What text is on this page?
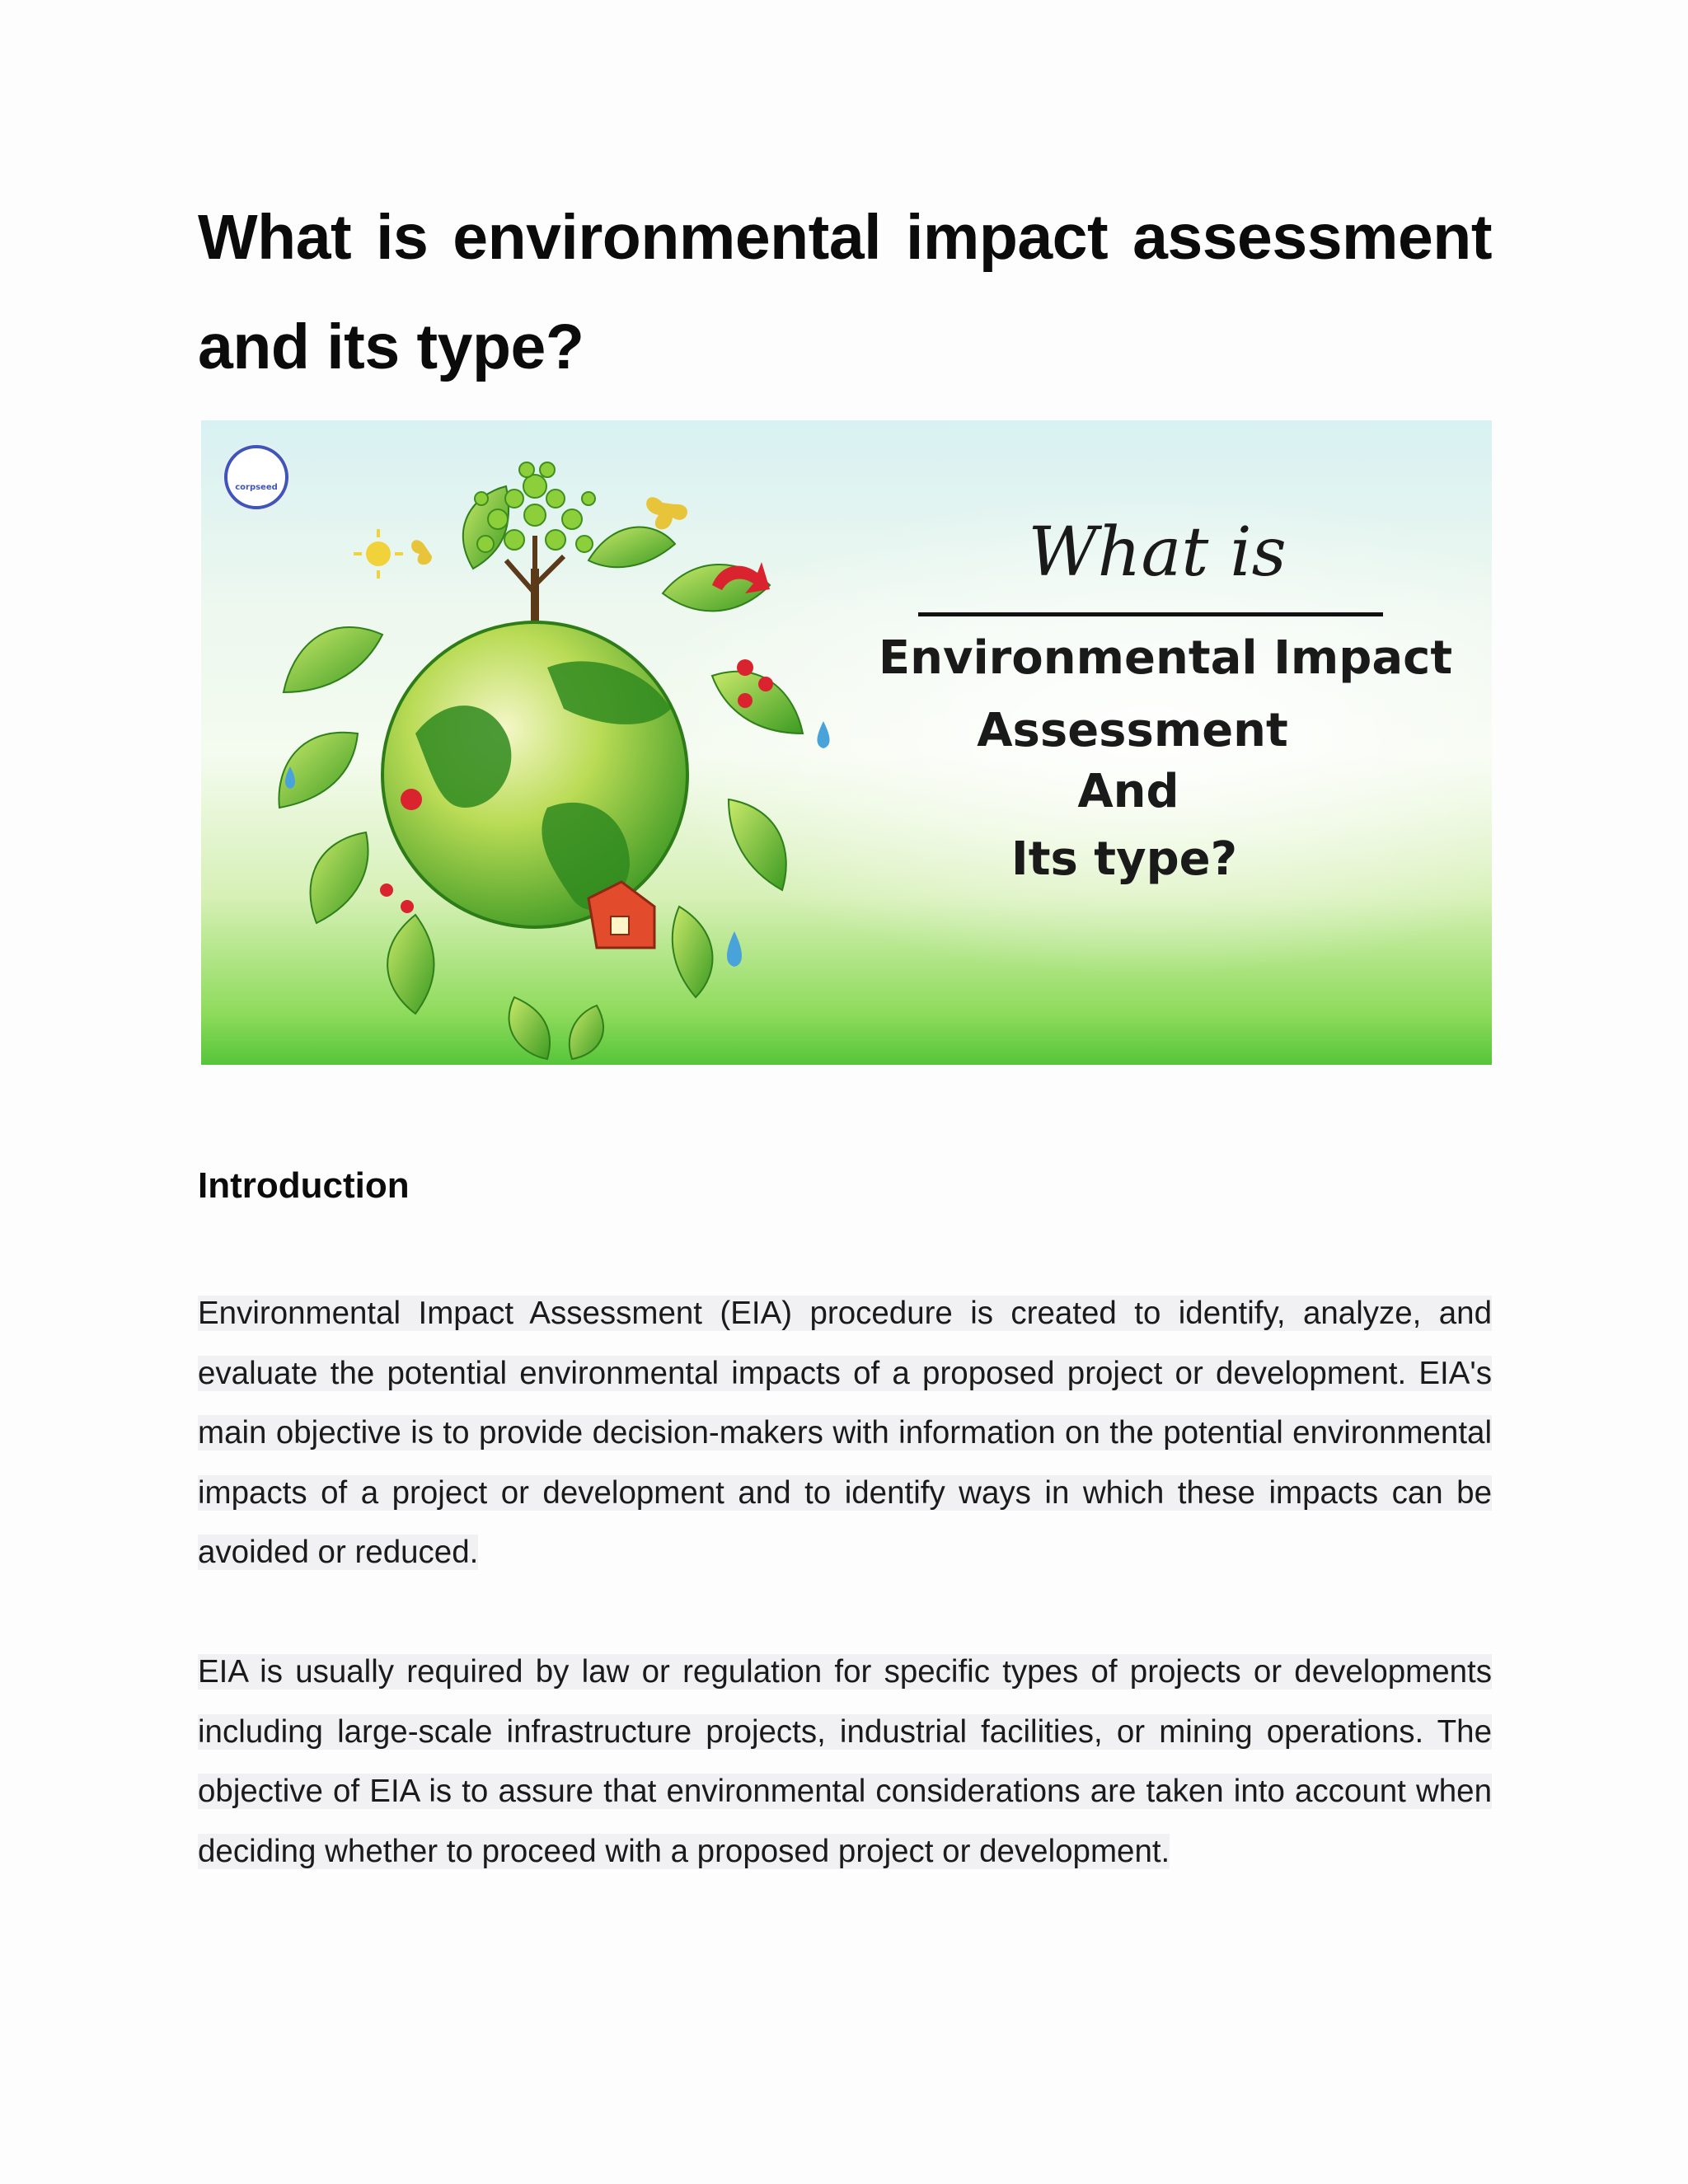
What is environmental impact assessment and its type?
corpseed

What is

Environmental Impact

Assessment

And

Its type?

Introduction

Environmental Impact Assessment (EIA) procedure is created to identify, analyze, and evaluate the potential environmental impacts of a proposed project or development. EIA's main objective is to provide decision-makers with information on the potential environmental impacts of a project or development and to identify ways in which these impacts can be avoided or reduced.

EIA is usually required by law or regulation for specific types of projects or developments including large-scale infrastructure projects, industrial facilities, or mining operations. The objective of EIA is to assure that environmental considerations are taken into account when deciding whether to proceed with a proposed project or development.
